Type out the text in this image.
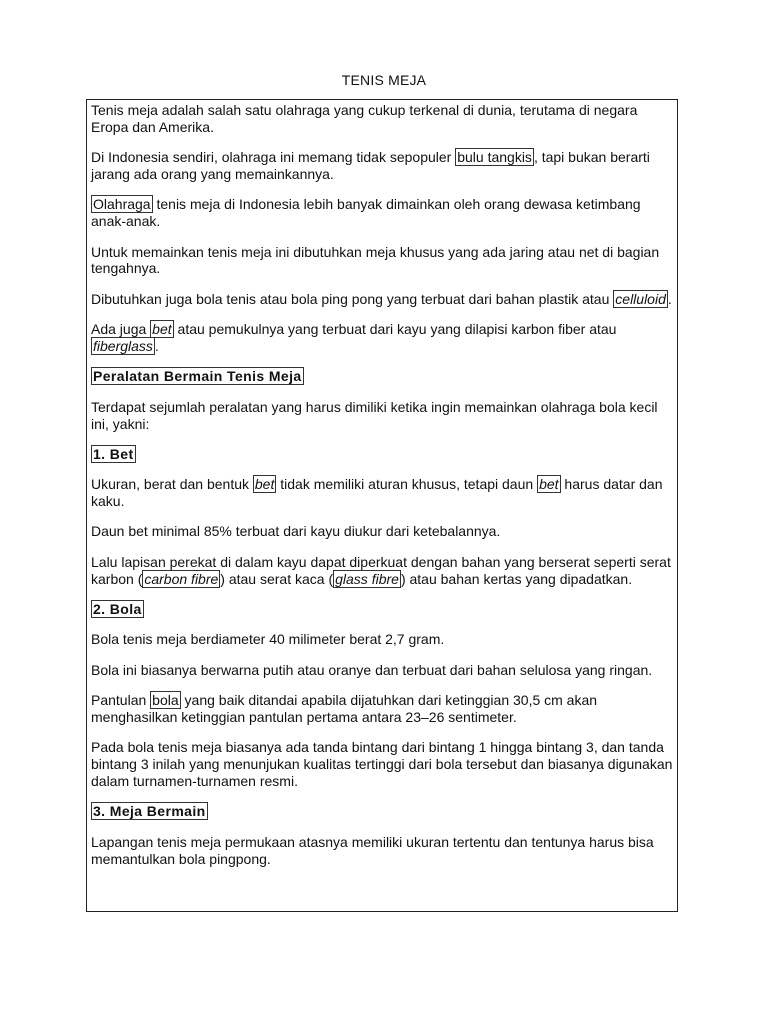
TENIS MEJA

Tenis meja adalah salah satu olahraga yang cukup terkenal di dunia, terutama di negara Eropa dan Amerika.

Di Indonesia sendiri, olahraga ini memang tidak sepopuler bulu tangkis , tapi bukan berarti jarang ada orang yang memainkannya.

Olahraga tenis meja di Indonesia lebih banyak dimainkan oleh orang dewasa ketimbang anak-anak.

Untuk memainkan tenis meja ini dibutuhkan meja khusus yang ada jaring atau net di bagian tengahnya.

Dibutuhkan juga bola tenis atau bola ping pong yang terbuat dari bahan plastik atau celluloid .

Ada juga bet atau pemukulnya yang terbuat dari kayu yang dilapisi karbon fiber atau fiberglass .

Peralatan Bermain Tenis Meja

Terdapat sejumlah peralatan yang harus dimiliki ketika ingin memainkan olahraga bola kecil ini, yakni:

1. Bet

Ukuran, berat dan bentuk bet tidak memiliki aturan khusus, tetapi daun bet harus datar dan kaku.

Daun bet minimal 85% terbuat dari kayu diukur dari ketebalannya.

Lalu lapisan perekat di dalam kayu dapat diperkuat dengan bahan yang berserat seperti serat karbon ( carbon fibre ) atau serat kaca ( glass fibre ) atau bahan kertas yang dipadatkan.

2. Bola

Bola tenis meja berdiameter 40 milimeter berat 2,7 gram.

Bola ini biasanya berwarna putih atau oranye dan terbuat dari bahan selulosa yang ringan.

Pantulan bola yang baik ditandai apabila dijatuhkan dari ketinggian 30,5 cm akan menghasilkan ketinggian pantulan pertama antara 23–26 sentimeter.

Pada bola tenis meja biasanya ada tanda bintang dari bintang 1 hingga bintang 3, dan tanda bintang 3 inilah yang menunjukan kualitas tertinggi dari bola tersebut dan biasanya digunakan dalam turnamen-turnamen resmi.

3. Meja Bermain

Lapangan tenis meja permukaan atasnya memiliki ukuran tertentu dan tentunya harus bisa memantulkan bola pingpong.
